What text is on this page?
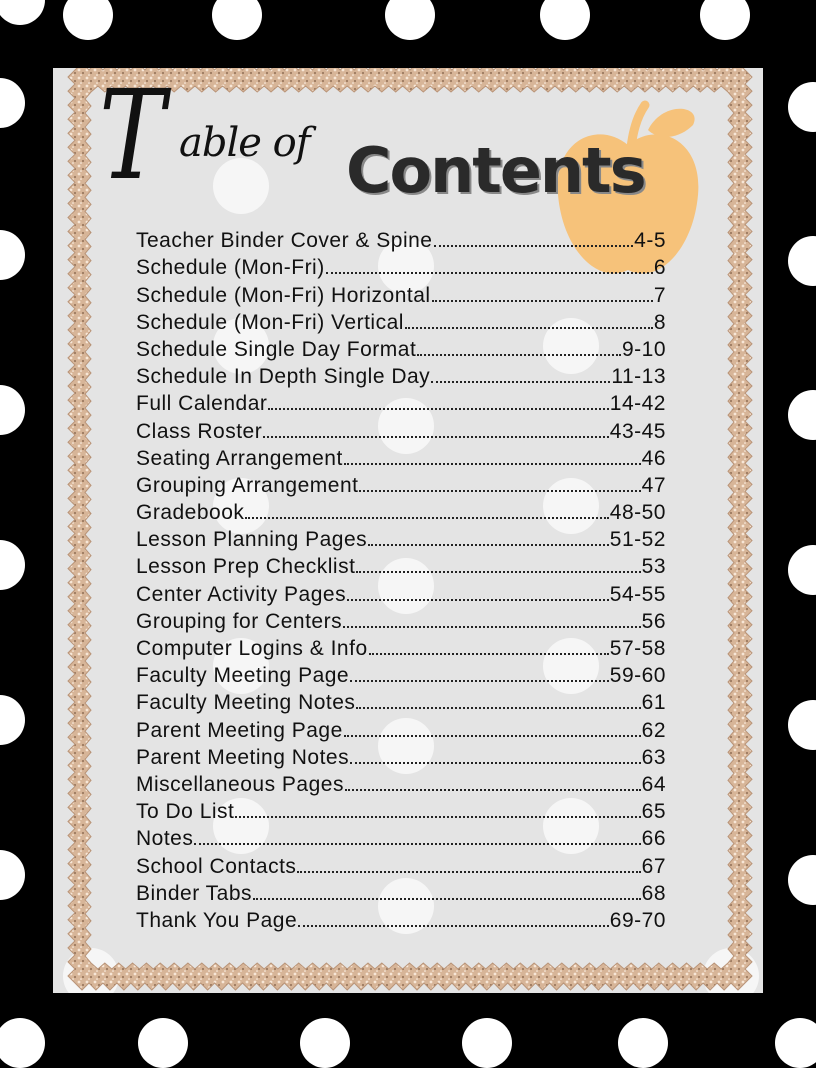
T able of Contents
Teacher Binder Cover & Spine	4-5
Schedule (Mon-Fri)	6
Schedule (Mon-Fri) Horizontal	7
Schedule (Mon-Fri) Vertical	8
Schedule Single Day Format	9-10
Schedule In Depth Single Day	11-13
Full Calendar	14-42
Class Roster	43-45
Seating Arrangement	46
Grouping Arrangement	47
Gradebook	48-50
Lesson Planning Pages	51-52
Lesson Prep Checklist	53
Center Activity Pages	54-55
Grouping for Centers	56
Computer Logins & Info	57-58
Faculty Meeting Page	59-60
Faculty Meeting Notes	61
Parent Meeting Page	62
Parent Meeting Notes	63
Miscellaneous Pages	64
To Do List	65
Notes	66
School Contacts	67
Binder Tabs	68
Thank You Page	69-70
